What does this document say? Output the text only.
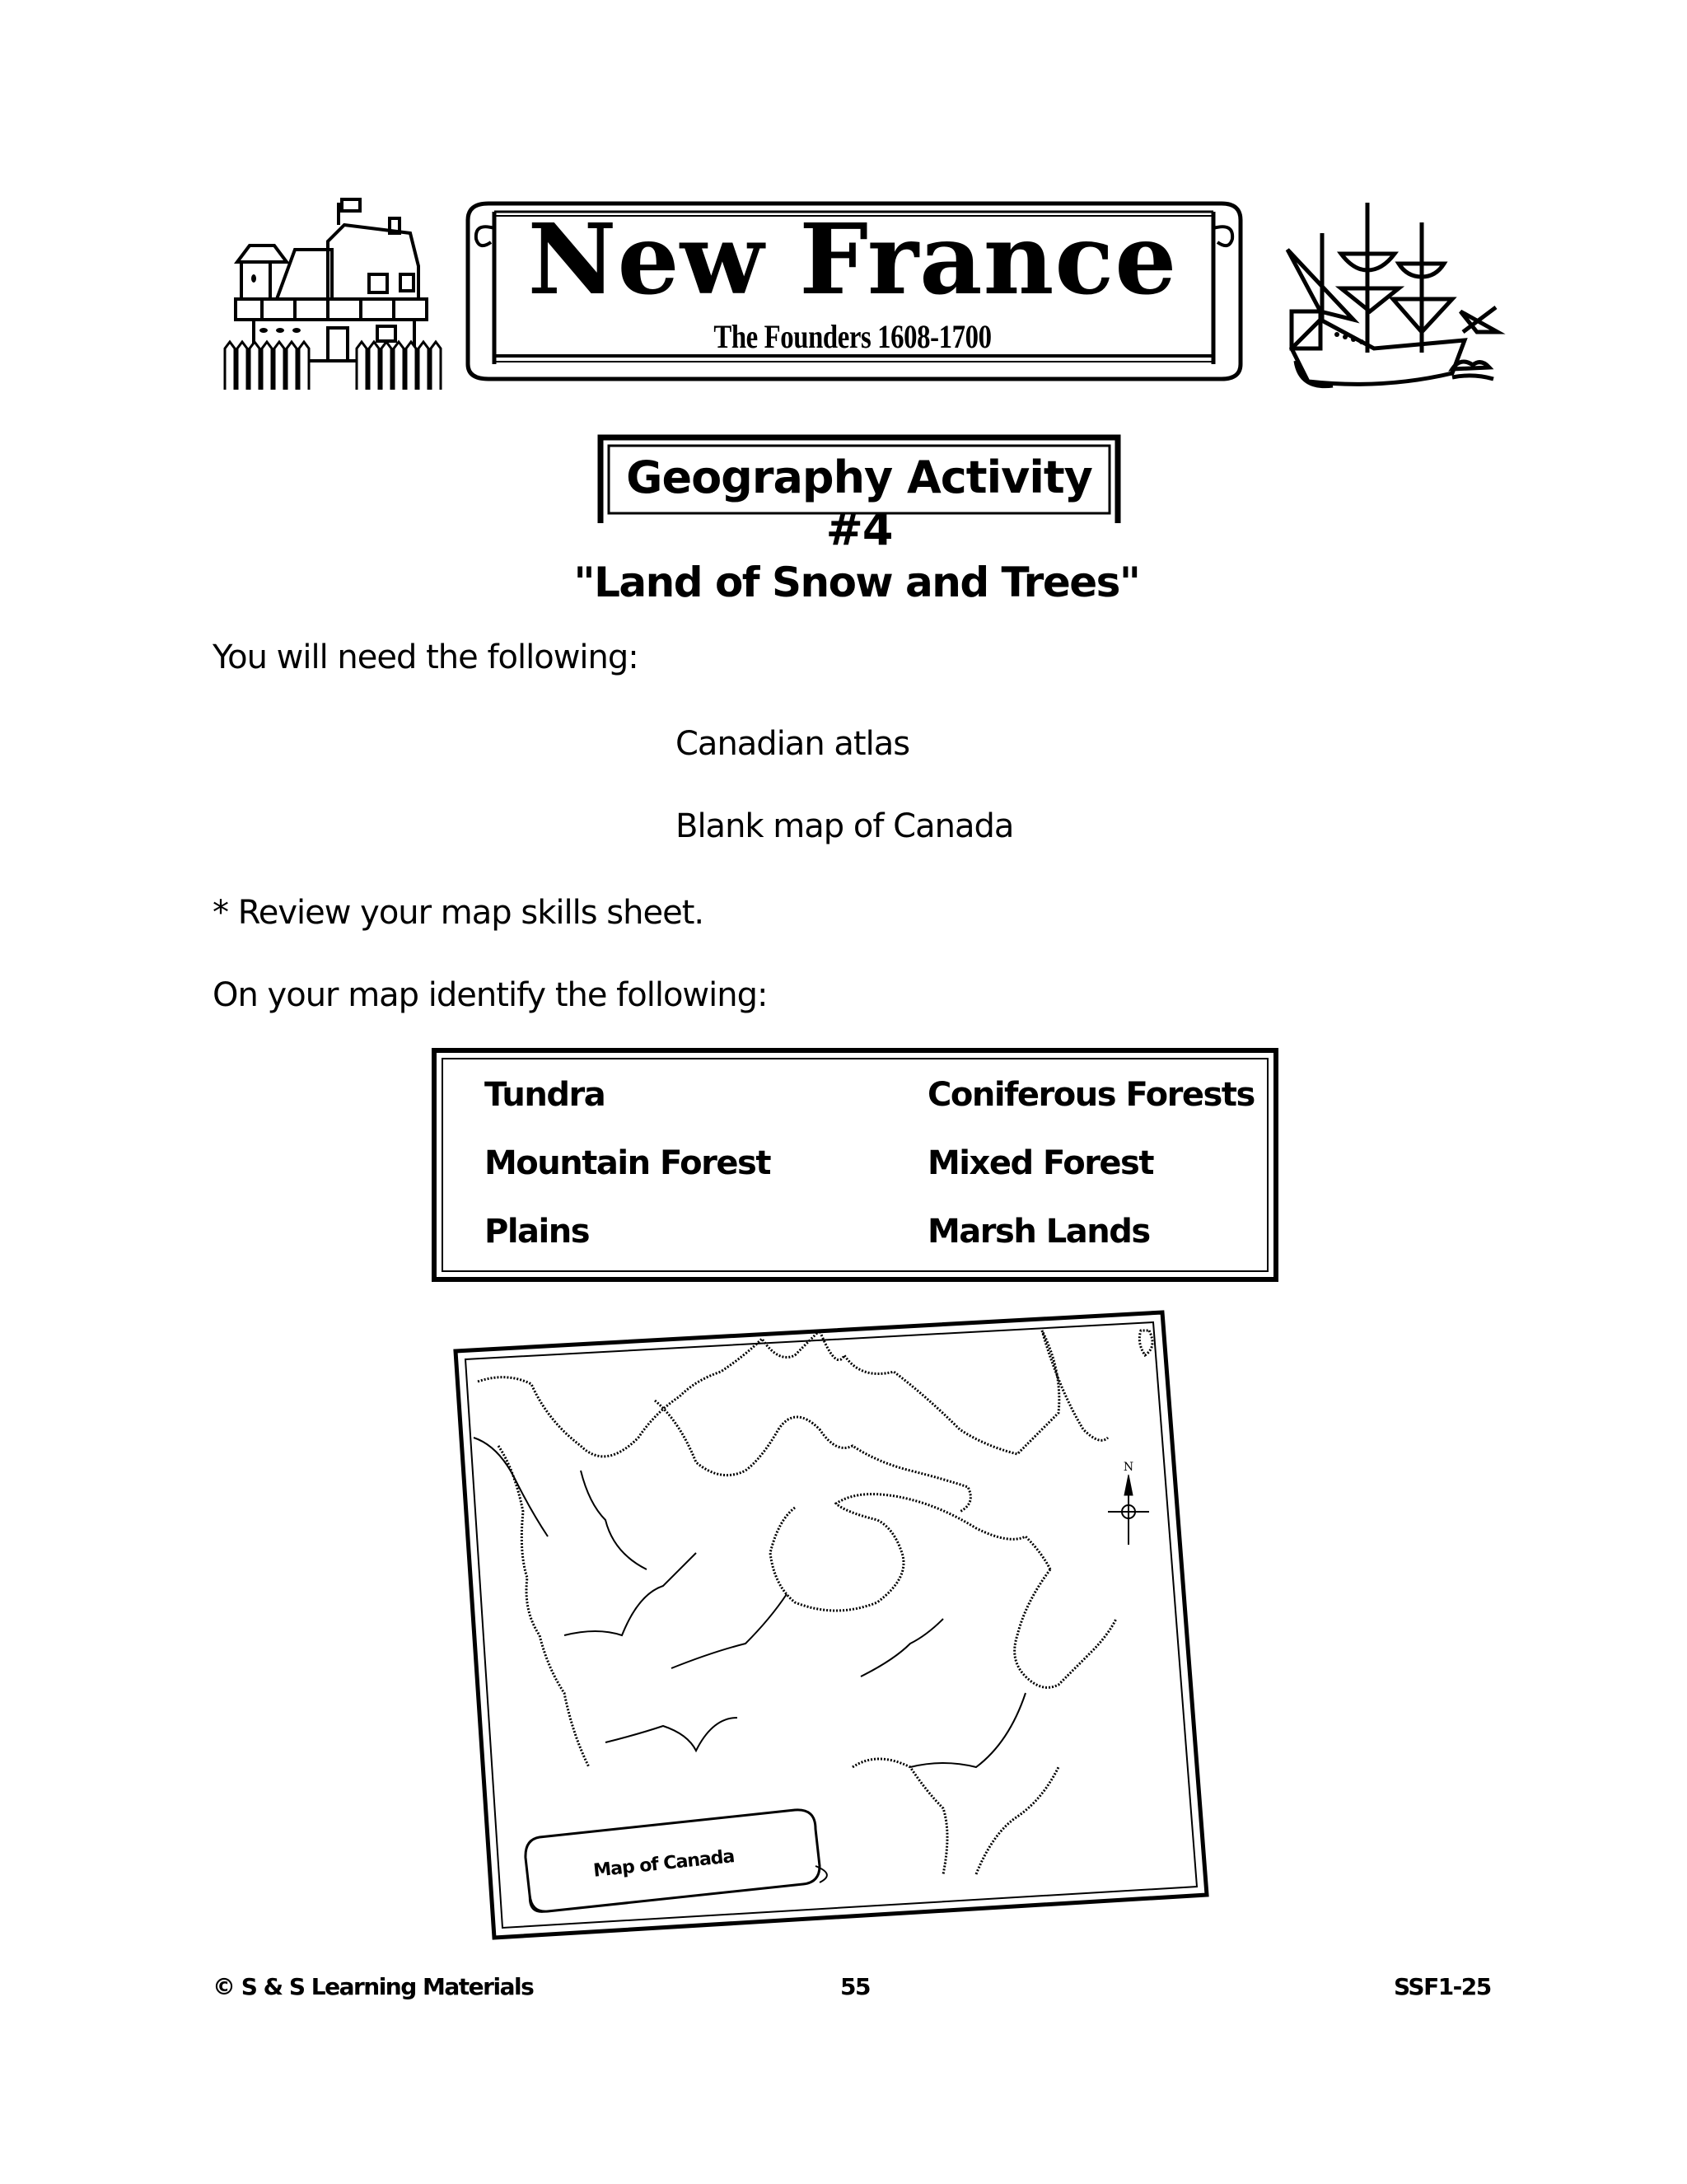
New France
The Founders 1608-1700
Geography Activity #4
"Land of Snow and Trees"
You will need the following:
Canadian atlas
Blank map of Canada
* Review your map skills sheet.
On your map identify the following:
Tundra
Mountain Forest
Plains
Coniferous Forests
Mixed Forest
Marsh Lands
N
Map of Canada
© S & S Learning Materials	55	SSF1-25
